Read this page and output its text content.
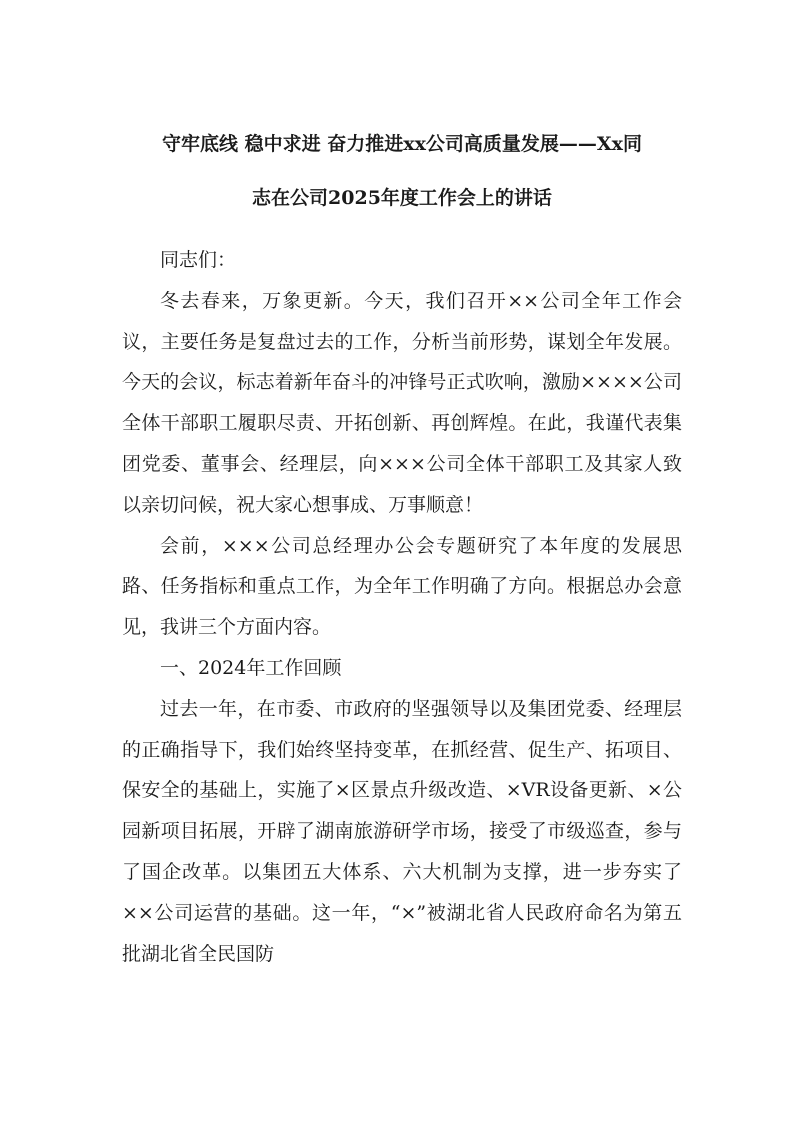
守牢底线 稳中求进 奋力推进xx公司高质量发展——Xx同
志在公司2025年度工作会上的讲话

同志们：

冬去春来，万象更新。今天，我们召开××公司全年工作会议，主要任务是复盘过去的工作，分析当前形势，谋划全年发展。今天的会议，标志着新年奋斗的冲锋号正式吹响，激励××××公司全体干部职工履职尽责、开拓创新、再创辉煌。在此，我谨代表集团党委、董事会、经理层，向×××公司全体干部职工及其家人致以亲切问候，祝大家心想事成、万事顺意！

会前，×××公司总经理办公会专题研究了本年度的发展思路、任务指标和重点工作，为全年工作明确了方向。根据总办会意见，我讲三个方面内容。

一、2024年工作回顾

过去一年，在市委、市政府的坚强领导以及集团党委、经理层的正确指导下，我们始终坚持变革，在抓经营、促生产、拓项目、保安全的基础上，实施了×区景点升级改造、×VR设备更新、×公园新项目拓展，开辟了湖南旅游研学市场，接受了市级巡查，参与了国企改革。以集团五大体系、六大机制为支撑，进一步夯实了××公司运营的基础。这一年，“×”被湖北省人民政府命名为第五批湖北省全民国防
